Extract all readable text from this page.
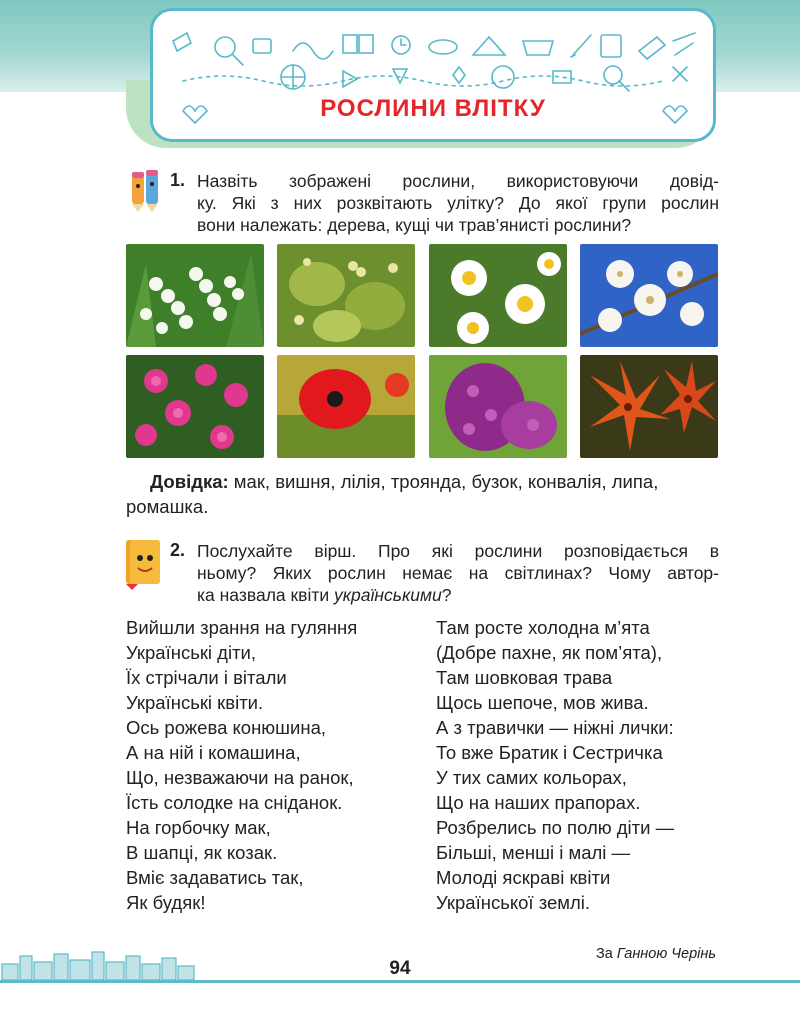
РОСЛИНИ ВЛІТКУ
1. Назвіть зображені рослини, використовуючи довід-
ку. Які з них розквітають улітку? До якої групи рослин
вони належать: дерева, кущі чи трав’янисті рослини?
Довідка: мак, вишня, лілія, троянда, бузок, конвалія, липа, ромашка.
2. Послухайте вірш. Про які рослини розповідається в
ньому? Яких рослин немає на світлинах? Чому автор-
ка назвала квіти українськими?
Вийшли зрання на гуляння
Українські діти,
Їх стрічали і вітали
Українські квіти.
Ось рожева конюшина,
А на ній і комашина,
Що, незважаючи на ранок,
Їсть солодке на сніданок.
На горбочку мак,
В шапці, як козак.
Вміє задаватись так,
Як будяк!
Там росте холодна м’ята
(Добре пахне, як пом’ята),
Там шовковая трава
Щось шепоче, мов жива.
А з травички — ніжні лички:
То вже Братик і Сестричка
У тих самих кольорах,
Що на наших прапорах.
Розбрелись по полю діти —
Більші, менші і малі —
Молоді яскраві квіти
Української землі.
За Ганною Черінь
94
